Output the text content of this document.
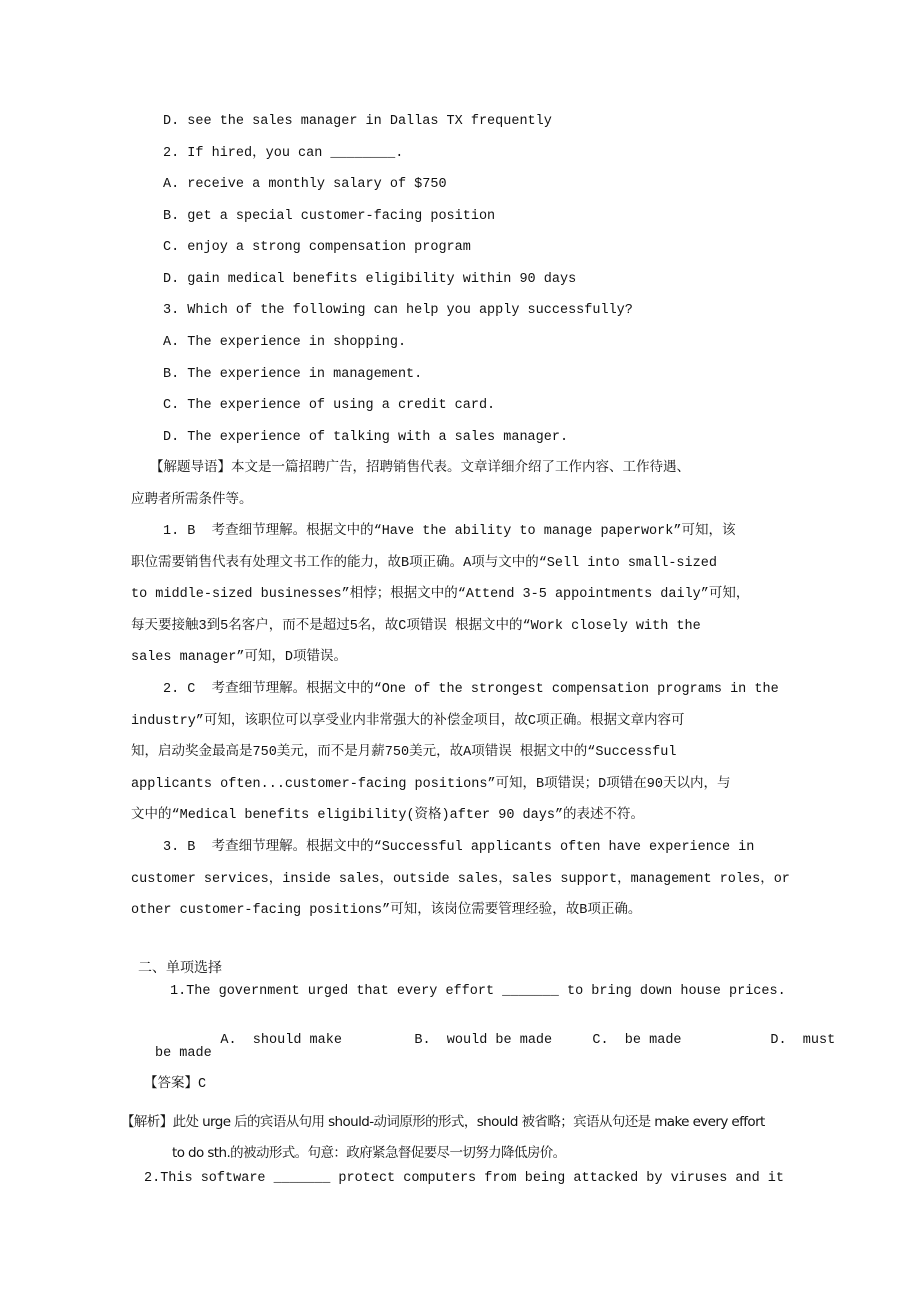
D. see the sales manager in Dallas TX frequently
2. If hired，you can ________.
A. receive a monthly salary of $750
B. get a special customer-facing position
C. enjoy a strong compensation program
D. gain medical benefits eligibility within 90 days
3. Which of the following can help you apply successfully?
A. The experience in shopping.
B. The experience in management.
C. The experience of using a credit card.
D. The experience of talking with a sales manager.
【解题导语】本文是一篇招聘广告，招聘销售代表。文章详细介绍了工作内容、工作待遇、
应聘者所需条件等。
1. B  考查细节理解。根据文中的“Have the ability to manage paperwork”可知，该
职位需要销售代表有处理文书工作的能力，故B项正确。A项与文中的“Sell into small-sized
to middle-sized businesses”相悖；根据文中的“Attend 3-5 appointments daily”可知，
每天要接触3到5名客户，而不是超过5名，故C项错误 根据文中的“Work closely with the
sales manager”可知，D项错误。
2. C  考查细节理解。根据文中的“One of the strongest compensation programs in the
industry”可知，该职位可以享受业内非常强大的补偿金项目，故C项正确。根据文章内容可
知，启动奖金最高是750美元，而不是月薪750美元，故A项错误 根据文中的“Successful
applicants often...customer-facing positions”可知，B项错误；D项错在90天以内，与
文中的“Medical benefits eligibility(资格)after 90 days”的表述不符。
3. B  考查细节理解。根据文中的“Successful applicants often have experience in
customer services，inside sales，outside sales，sales support，management roles，or
other customer-facing positions”可知，该岗位需要管理经验，故B项正确。
二、单项选择
1.The government urged that every effort _______ to bring down house prices.

A.  should make	B.  would be made	C.  be made	D.  must

be made
【答案】C
【解析】此处 urge 后的宾语从句用 should-动词原形的形式，should 被省略；宾语从句还是 make every effort
to do sth.的被动形式。句意：政府紧急督促要尽一切努力降低房价。
2.This software _______ protect computers from being attacked by viruses and it
